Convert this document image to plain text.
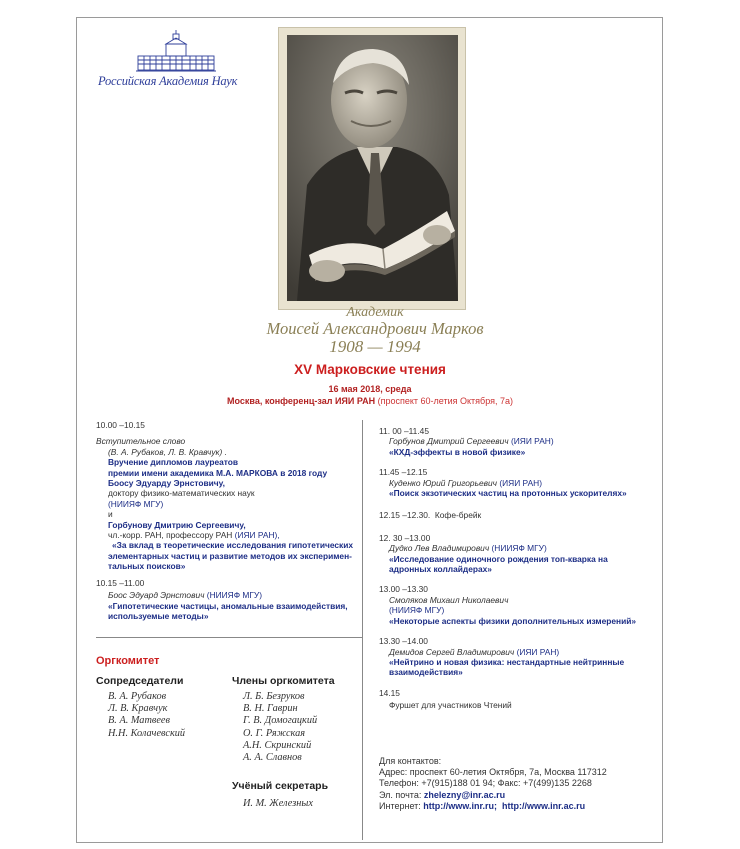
Российская Академия Наук
Академик
Моисей Александрович Марков
1908 — 1994
XV Марковские чтения
16 мая 2018, среда
Москва, конференц-зал ИЯИ РАН (проспект 60-летия Октября, 7а)
10.00 –10.15
Вступительное слово
(В. А. Рубаков, Л. В. Кравчук) .
Вручение дипломов лауреатов
премии имени академика М.А. МАРКОВА в 2018 году
Боосу Эдуарду Эрнстовичу,
доктору физико-математических наук
(НИИЯФ МГУ)
и
Горбунову Дмитрию Сергеевичу,
чл.-корр. РАН, профессору РАН (ИЯИ РАН),
«За вклад в теоретические исследования гипотетических
элементарных частиц и развитие методов их эксперимен-
тальных поисков»
10.15 –11.00
Боос Эдуард Эрнстович (НИИЯФ МГУ)
«Гипотетические частицы, аномальные взаимодействия,
используемые методы»
11. 00 –11.45
Горбунов Дмитрий Сергеевич (ИЯИ РАН)
«КХД-эффекты в новой физике»
11.45 –12.15
Куденко Юрий Григорьевич (ИЯИ РАН)
«Поиск экзотических частиц на протонных ускорителях»
12.15 –12.30. Кофе-брейк
12. 30 –13.00
Дудко Лев Владимирович (НИИЯФ МГУ)
«Исследование одиночного рождения топ-кварка на
адронных коллайдерах»
13.00 –13.30
Смоляков Михаил Николаевич
(НИИЯФ МГУ)
«Некоторые аспекты физики дополнительных измерений»
13.30 –14.00
Демидов Сергей Владимирович (ИЯИ РАН)
«Нейтрино и новая физика: нестандартные нейтринные
взаимодействия»
14.15
Фуршет для участников Чтений
Оргкомитет
Сопредседатели
В. А. Рубаков
Л. В. Кравчук
В. А. Матвеев
Н.Н. Колачевский
Члены оргкомитета
Л. Б. Безруков
В. Н. Гаврин
Г. В. Домогацкий
О. Г. Ряжская
А.Н. Скринский
А. А. Славнов
Учёный секретарь
И. М. Железных
Для контактов:
Адрес: проспект 60-летия Октября, 7а, Москва 117312
Телефон: +7(915)188 01 94; Факс: +7(499)135 2268
Эл. почта: zhelezny@inr.ac.ru
Интернет: http://www.inr.ru; http://www.inr.ac.ru
